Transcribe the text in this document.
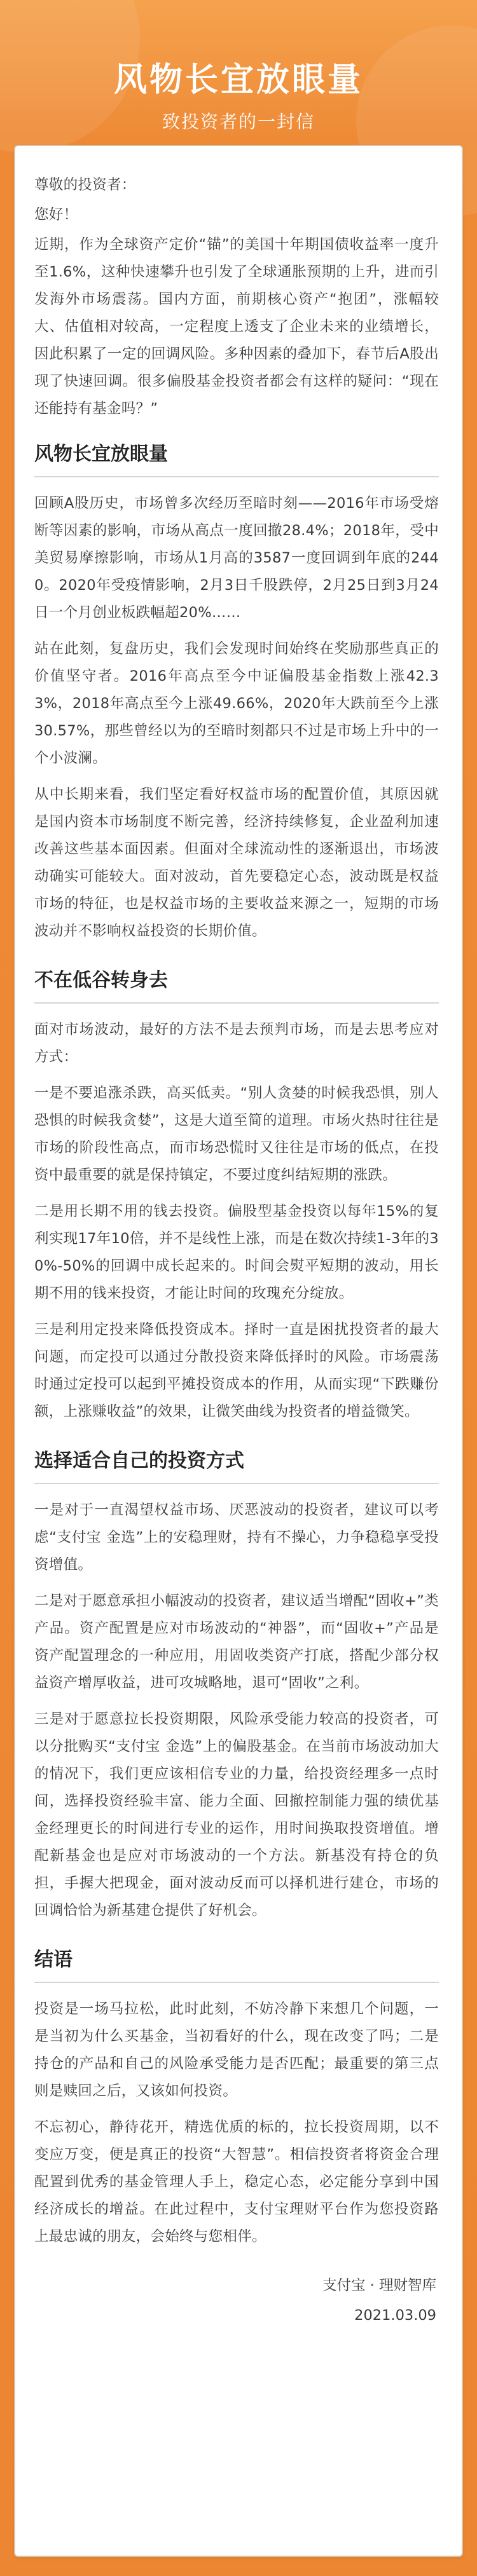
风物长宜放眼量
致投资者的一封信

尊敬的投资者：

您好！

近期，作为全球资产定价“锚”的美国十年期国债收益率一度升至1.6%，这种快速攀升也引发了全球通胀预期的上升，进而引发海外市场震荡。国内方面，前期核心资产“抱团”，涨幅较大、估值相对较高，一定程度上透支了企业未来的业绩增长，因此积累了一定的回调风险。多种因素的叠加下，春节后A股出现了快速回调。很多偏股基金投资者都会有这样的疑问：“现在还能持有基金吗？”

风物长宜放眼量

回顾A股历史，市场曾多次经历至暗时刻——2016年市场受熔断等因素的影响，市场从高点一度回撤28.4%；2018年，受中美贸易摩擦影响，市场从1月高的3587一度回调到年底的2440。2020年受疫情影响，2月3日千股跌停，2月25日到3月24日一个月创业板跌幅超20%……

站在此刻，复盘历史，我们会发现时间始终在奖励那些真正的价值坚守者。2016年高点至今中证偏股基金指数上涨42.33%，2018年高点至今上涨49.66%，2020年大跌前至今上涨30.57%，那些曾经以为的至暗时刻都只不过是市场上升中的一个小波澜。

从中长期来看，我们坚定看好权益市场的配置价值，其原因就是国内资本市场制度不断完善，经济持续修复，企业盈利加速改善这些基本面因素。但面对全球流动性的逐渐退出，市场波动确实可能较大。面对波动，首先要稳定心态，波动既是权益市场的特征，也是权益市场的主要收益来源之一，短期的市场波动并不影响权益投资的长期价值。

不在低谷转身去

面对市场波动，最好的方法不是去预判市场，而是去思考应对方式：

一是不要追涨杀跌，高买低卖。“别人贪婪的时候我恐惧，别人恐惧的时候我贪婪”，这是大道至简的道理。市场火热时往往是市场的阶段性高点，而市场恐慌时又往往是市场的低点，在投资中最重要的就是保持镇定，不要过度纠结短期的涨跌。

二是用长期不用的钱去投资。偏股型基金投资以每年15%的复利实现17年10倍，并不是线性上涨，而是在数次持续1-3年的30%-50%的回调中成长起来的。时间会熨平短期的波动，用长期不用的钱来投资，才能让时间的玫瑰充分绽放。

三是利用定投来降低投资成本。择时一直是困扰投资者的最大问题，而定投可以通过分散投资来降低择时的风险。市场震荡时通过定投可以起到平摊投资成本的作用，从而实现“下跌赚份额，上涨赚收益”的效果，让微笑曲线为投资者的增益微笑。

选择适合自己的投资方式

一是对于一直渴望权益市场、厌恶波动的投资者，建议可以考虑“支付宝 金选”上的安稳理财，持有不操心，力争稳稳享受投资增值。

二是对于愿意承担小幅波动的投资者，建议适当增配“固收+”类产品。资产配置是应对市场波动的“神器”，而“固收+”产品是资产配置理念的一种应用，用固收类资产打底，搭配少部分权益资产增厚收益，进可攻城略地，退可“固收”之利。

三是对于愿意拉长投资期限，风险承受能力较高的投资者，可以分批购买“支付宝 金选”上的偏股基金。在当前市场波动加大的情况下，我们更应该相信专业的力量，给投资经理多一点时间，选择投资经验丰富、能力全面、回撤控制能力强的绩优基金经理更长的时间进行专业的运作，用时间换取投资增值。增配新基金也是应对市场波动的一个方法。新基没有持仓的负担，手握大把现金，面对波动反而可以择机进行建仓，市场的回调恰恰为新基建仓提供了好机会。

结语

投资是一场马拉松，此时此刻，不妨冷静下来想几个问题，一是当初为什么买基金，当初看好的什么，现在改变了吗；二是持仓的产品和自己的风险承受能力是否匹配；最重要的第三点则是赎回之后，又该如何投资。

不忘初心，静待花开，精选优质的标的，拉长投资周期，以不变应万变，便是真正的投资“大智慧”。相信投资者将资金合理配置到优秀的基金管理人手上，稳定心态，必定能分享到中国经济成长的增益。在此过程中，支付宝理财平台作为您投资路上最忠诚的朋友，会始终与您相伴。

支付宝 · 理财智库
2021.03.09
